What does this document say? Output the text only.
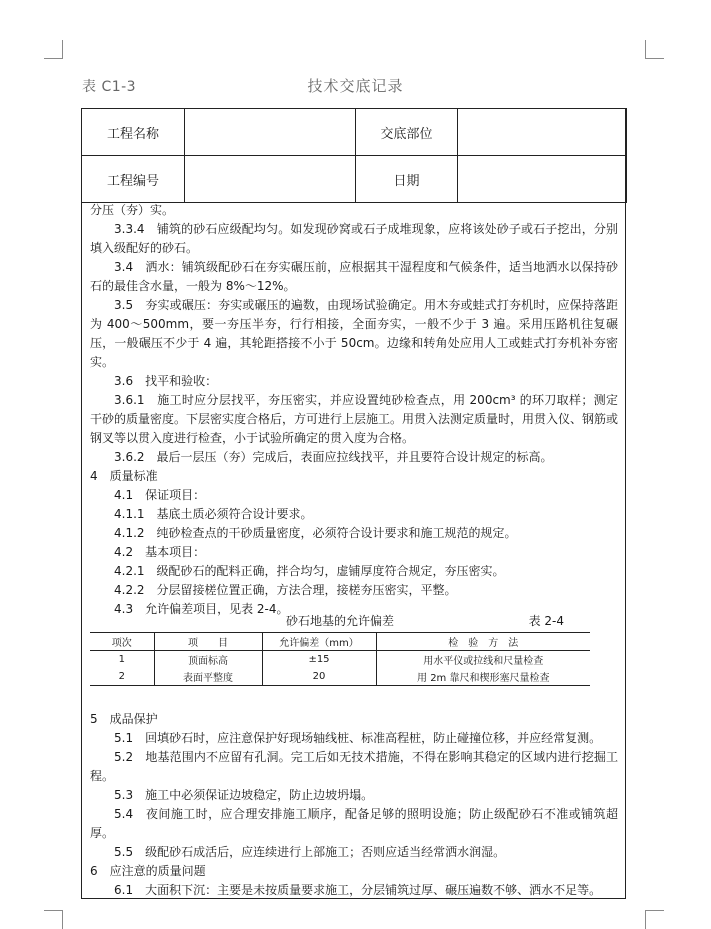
表 C1-3	技术交底记录
工程名称		交底部位	
工程编号		日期	

分压（夯）实。

3.3.4　铺筑的砂石应级配均匀。如发现砂窝或石子成堆现象，应将该处砂子或石子挖出，分别填入级配好的砂石。

3.4　洒水：铺筑级配砂石在夯实碾压前，应根据其干湿程度和气候条件，适当地洒水以保持砂石的最佳含水量，一般为 8%～12%。

3.5　夯实或碾压：夯实或碾压的遍数，由现场试验确定。用木夯或蛙式打夯机时，应保持落距为 400～500mm，要一夯压半夯，行行相接，全面夯实，一般不少于 3 遍。采用压路机往复碾压，一般碾压不少于 4 遍，其轮距搭接不小于 50cm。边缘和转角处应用人工或蛙式打夯机补夯密实。

3.6　找平和验收：

3.6.1　施工时应分层找平，夯压密实，并应设置纯砂检查点，用 200cm³ 的环刀取样；测定干砂的质量密度。下层密实度合格后，方可进行上层施工。用贯入法测定质量时，用贯入仪、钢筋或钢叉等以贯入度进行检查，小于试验所确定的贯入度为合格。

3.6.2　最后一层压（夯）完成后，表面应拉线找平，并且要符合设计规定的标高。

4　质量标准

4.1　保证项目：

4.1.1　基底土质必须符合设计要求。

4.1.2　纯砂检查点的干砂质量密度，必须符合设计要求和施工规范的规定。

4.2　基本项目：

4.2.1　级配砂石的配料正确，拌合均匀，虚铺厚度符合规定，夯压密实。

4.2.2　分层留接槎位置正确，方法合理，接槎夯压密实，平整。

4.3　允许偏差项目，见表 2-4。

砂石地基的允许偏差	表 2-4
项次	项　　目	允许偏差（mm）	检　验　方　法
1	顶面标高	±15	用水平仪或拉线和尺量检查
2	表面平整度	20	用 2m 靠尺和楔形塞尺量检查

5　成品保护

5.1　回填砂石时，应注意保护好现场轴线桩、标准高程桩，防止碰撞位移，并应经常复测。

5.2　地基范围内不应留有孔洞。完工后如无技术措施，不得在影响其稳定的区域内进行挖掘工程。

5.3　施工中必须保证边坡稳定，防止边坡坍塌。

5.4　夜间施工时，应合理安排施工顺序，配备足够的照明设施；防止级配砂石不准或铺筑超厚。

5.5　级配砂石成活后，应连续进行上部施工；否则应适当经常洒水润湿。

6　应注意的质量问题

6.1　大面积下沉：主要是未按质量要求施工，分层铺筑过厚、碾压遍数不够、洒水不足等。
